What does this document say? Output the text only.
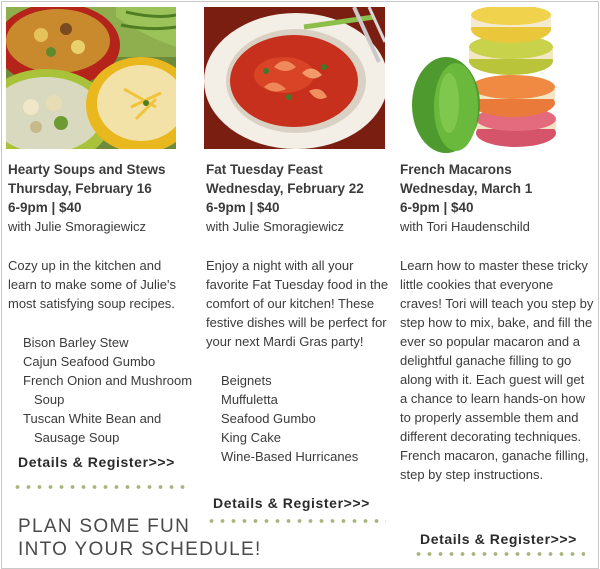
Hearty Soups and Stews
Thursday, February 16
6-9pm | $40
with Julie Smoragiewicz
Cozy up in the kitchen and learn to make some of Julie's most satisfying soup recipes.
Bison Barley Stew
Cajun Seafood Gumbo
French Onion and Mushroom Soup
Tuscan White Bean and Sausage Soup
Details & Register>>>
Fat Tuesday Feast
Wednesday, February 22
6-9pm | $40
with Julie Smoragiewicz
Enjoy a night with all your favorite Fat Tuesday food in the comfort of our kitchen! These festive dishes will be perfect for your next Mardi Gras party!
Beignets
Muffuletta
Seafood Gumbo
King Cake
Wine-Based Hurricanes
Details & Register>>>
French Macarons
Wednesday, March 1
6-9pm | $40
with Tori Haudenschild
Learn how to master these tricky little cookies that everyone craves! Tori will teach you step by step how to mix, bake, and fill the ever so popular macaron and a delightful ganache filling to go along with it. Each guest will get a chance to learn hands-on how to properly assemble them and different decorating techniques. French macaron, ganache filling, step by step instructions.
Details & Register>>>
PLAN SOME FUN
INTO YOUR SCHEDULE!
